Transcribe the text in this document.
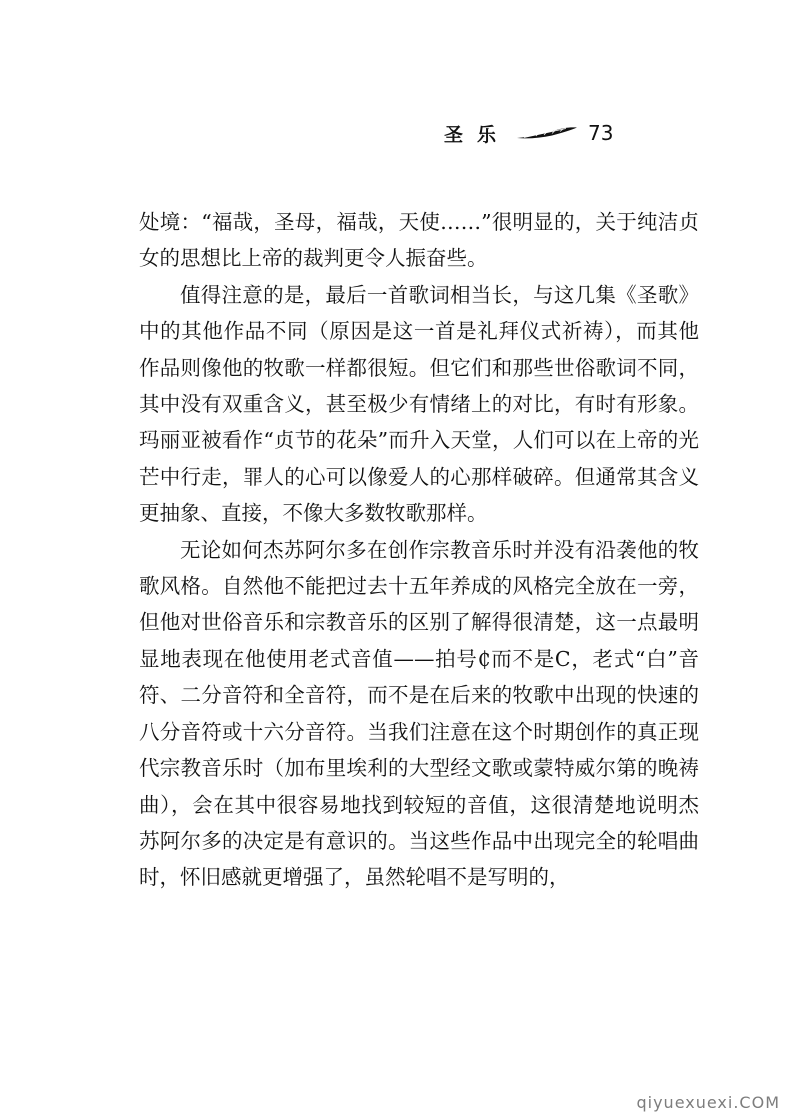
圣乐	73

处境：“福哉，圣母，福哉，天使……”很明显的，关于纯洁贞女的思想比上帝的裁判更令人振奋些。

值得注意的是，最后一首歌词相当长，与这几集《圣歌》中的其他作品不同（原因是这一首是礼拜仪式祈祷），而其他作品则像他的牧歌一样都很短。但它们和那些世俗歌词不同，其中没有双重含义，甚至极少有情绪上的对比，有时有形象。玛丽亚被看作“贞节的花朵”而升入天堂，人们可以在上帝的光芒中行走，罪人的心可以像爱人的心那样破碎。但通常其含义更抽象、直接，不像大多数牧歌那样。

无论如何杰苏阿尔多在创作宗教音乐时并没有沿袭他的牧歌风格。自然他不能把过去十五年养成的风格完全放在一旁，但他对世俗音乐和宗教音乐的区别了解得很清楚，这一点最明显地表现在他使用老式音值——拍号₵而不是C，老式“白”音符、二分音符和全音符，而不是在后来的牧歌中出现的快速的八分音符或十六分音符。当我们注意在这个时期创作的真正现代宗教音乐时（加布里埃利的大型经文歌或蒙特威尔第的晚祷曲），会在其中很容易地找到较短的音值，这很清楚地说明杰苏阿尔多的决定是有意识的。当这些作品中出现完全的轮唱曲时，怀旧感就更增强了，虽然轮唱不是写明的，

qiyuexuexi.COM
